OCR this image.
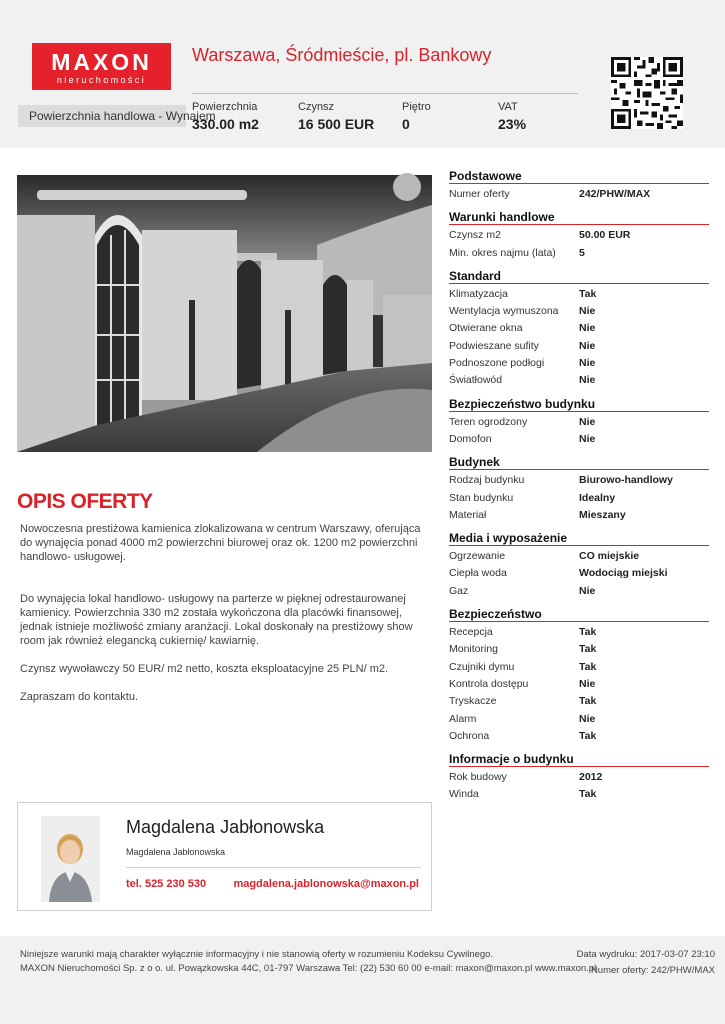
MAXON
nieruchomości
Warszawa, Śródmieście, pl. Bankowy
Powierzchnia handlowa - Wynajem
Powierzchnia
330.00 m2
Czynsz
16 500 EUR
Piętro
0
VAT
23%
OPIS OFERTY

Nowoczesna prestiżowa kamienica zlokalizowana w centrum Warszawy, oferująca do wynajęcia ponad 4000 m2 powierzchni biurowej oraz ok. 1200 m2 powierzchni handlowo- usługowej.

Do wynajęcia lokal handlowo- usługowy na parterze w pięknej odrestaurowanej kamienicy. Powierzchnia 330 m2 została wykończona dla placówki finansowej, jednak istnieje możliwość zmiany aranżacji. Lokal doskonały na prestiżowy show room jak również elegancką cukiernię/ kawiarnię.

Czynsz wywoławczy 50 EUR/ m2 netto, koszta eksploatacyjne 25 PLN/ m2.

Zapraszam do kontaktu.

Magdalena Jabłonowska
Magdalena Jabłonowska
tel. 525 230 530 magdalena.jablonowska@maxon.pl
Podstawowe
Numer oferty	242/PHW/MAX
Warunki handlowe
Czynsz m2	50.00 EUR
Min. okres najmu (lata) 5
Standard
Klimatyzacja	Tak
Wentylacja wymuszona Nie
Otwierane okna	Nie
Podwieszane sufity	Nie
Podnoszone podłogi	Nie
Światłowód	Nie
Bezpieczeństwo budynku
Teren ogrodzony	Nie
Domofon	Nie
Budynek
Rodzaj budynku	Biurowo-handlowy
Stan budynku	Idealny
Materiał	Mieszany
Media i wyposażenie
Ogrzewanie	CO miejskie
Ciepła woda	Wodociąg miejski
Gaz	Nie
Bezpieczeństwo
Recepcja	Tak
Monitoring	Tak
Czujniki dymu	Tak
Kontrola dostępu	Nie
Tryskacze	Tak
Alarm	Nie
Ochrona	Tak
Informacje o budynku
Rok budowy	2012
Winda	Tak
Niniejsze warunki mają charakter wyłącznie informacyjny i nie stanowią oferty w rozumieniu Kodeksu Cywilnego.
MAXON Nieruchomości Sp. z o o. ul. Powązkowska 44C, 01-797 Warszawa Tel: (22) 530 60 00 e-mail: maxon@maxon.pl www.maxon.pl
Data wydruku: 2017-03-07 23:10
Numer oferty: 242/PHW/MAX
